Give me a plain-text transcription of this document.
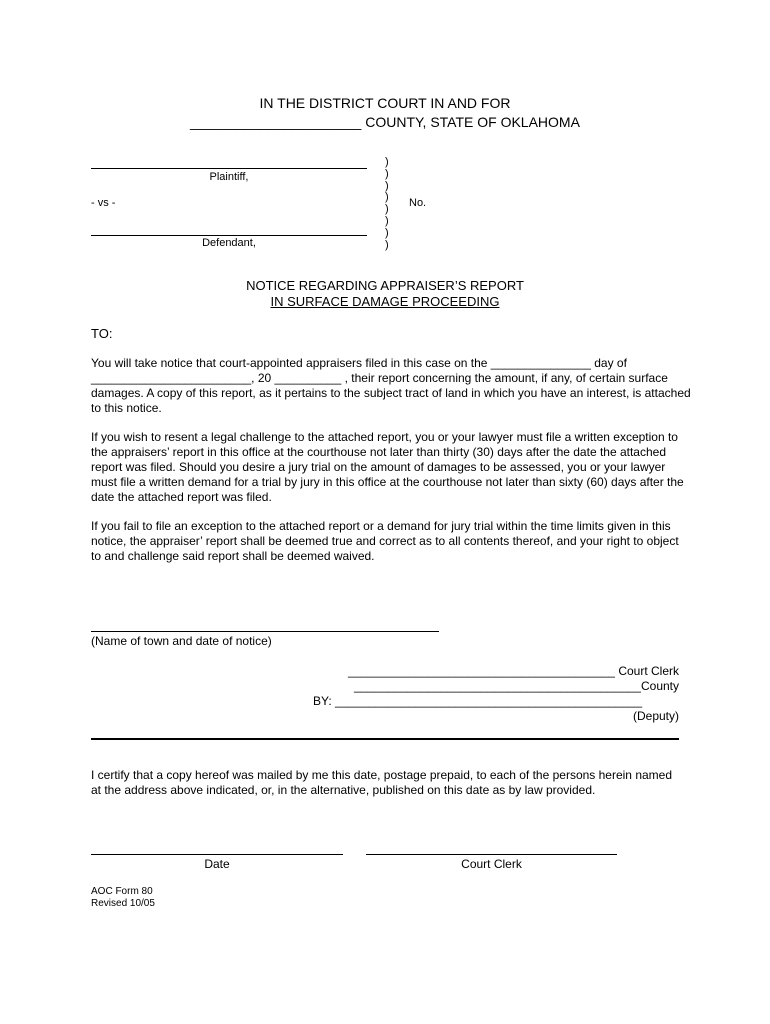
IN THE DISTRICT COURT IN AND FOR
______________________ COUNTY, STATE OF OKLAHOMA
Plaintiff,
- vs -
Defendant,
)
)
)
)
)
)
)
)
No.
NOTICE REGARDING APPRAISER’S REPORT
IN SURFACE DAMAGE PROCEEDING
TO:
You will take notice that court-appointed appraisers filed in this case on the _______________ day of ________________________, 20 __________ , their report concerning the amount, if any, of certain surface damages. A copy of this report, as it pertains to the subject tract of land in which you have an interest, is attached to this notice.
If you wish to resent a legal challenge to the attached report, you or your lawyer must file a written exception to the appraisers’ report in this office at the courthouse not later than thirty (30) days after the date the attached report was filed. Should you desire a jury trial on the amount of damages to be assessed, you or your lawyer must file a written demand for a trial by jury in this office at the courthouse not later than sixty (60) days after the date the attached report was filed.
If you fail to file an exception to the attached report or a demand for jury trial within the time limits given in this notice, the appraiser’ report shall be deemed true and correct as to all contents thereof, and your right to object to and challenge said report shall be deemed waived.
(Name of town and date of notice)
________________________________________ Court Clerk
___________________________________________County
BY: ______________________________________________
(Deputy)
I certify that a copy hereof was mailed by me this date, postage prepaid, to each of the persons herein named at the address above indicated, or, in the alternative, published on this date as by law provided.
Date	Court Clerk
AOC Form 80
Revised 10/05
